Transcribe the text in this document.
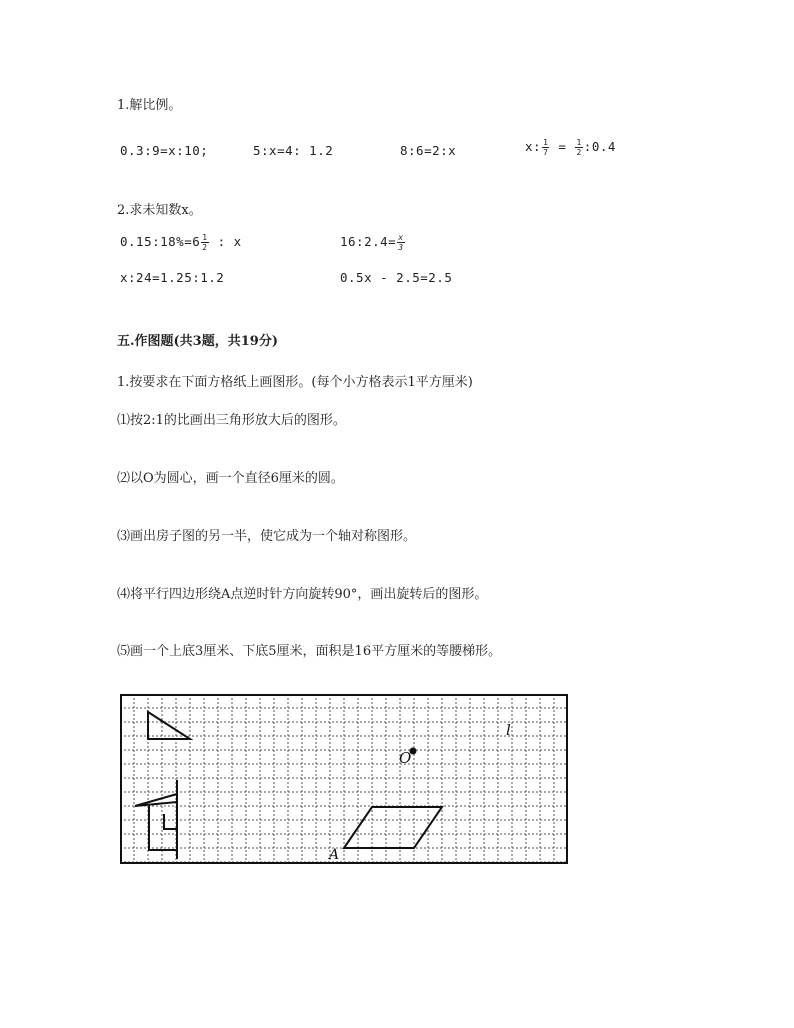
1.解比例。
0.3:9=x:10;	5:x=4: 1.2	8:6=2:x	x: $\frac{1}{7} = \frac{1}{2}$ :0.4
2.求未知数x。
0.15:18%=6 $\frac{1}{2}$ : x	16:2.4= $\frac{x}{3}$
x:24=1.25:1.2	0.5x - 2.5=2.5
五.作图题(共3题，共19分)
1.按要求在下面方格纸上画图形。(每个小方格表示1平方厘米)
⑴按2:1的比画出三角形放大后的图形。
⑵以O为圆心，画一个直径6厘米的圆。
⑶画出房子图的另一半，使它成为一个轴对称图形。
⑷将平行四边形绕A点逆时针方向旋转90°，画出旋转后的图形。
⑸画一个上底3厘米、下底5厘米，面积是16平方厘米的等腰梯形。
O
l
A
